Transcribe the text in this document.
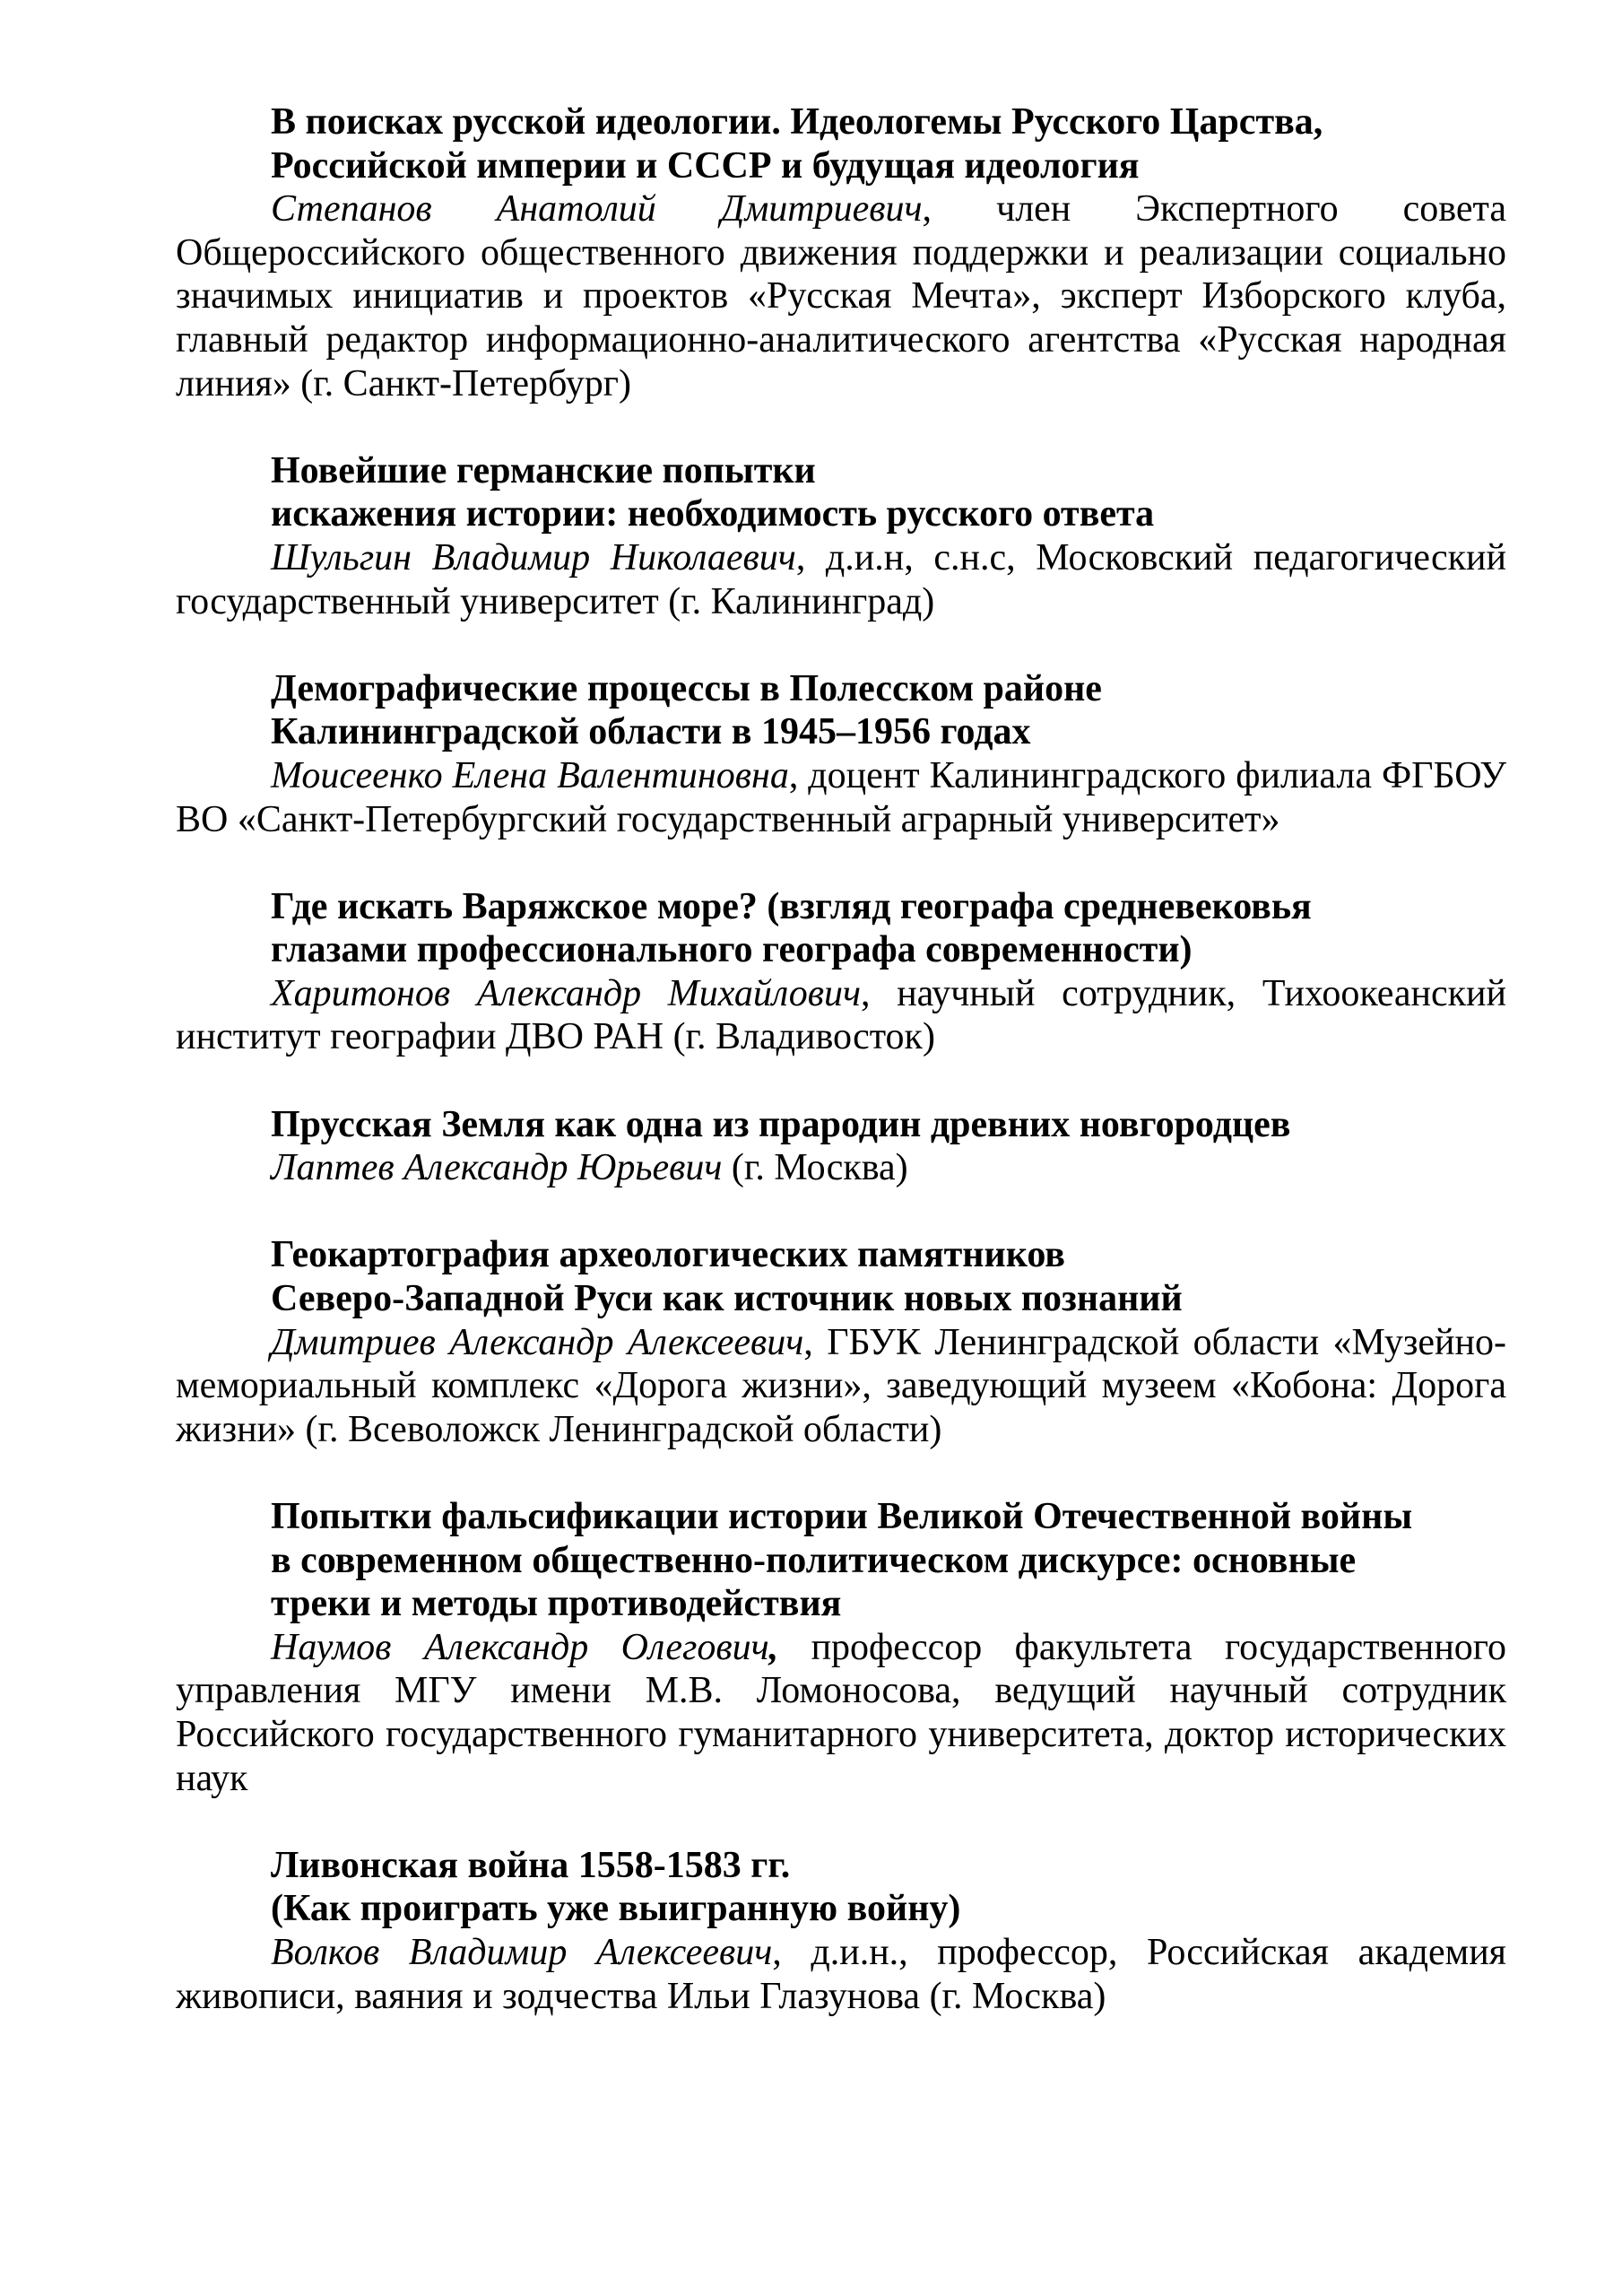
В поисках русской идеологии. Идеологемы Русского Царства,
Российской империи и СССР и будущая идеология

Степанов Анатолий Дмитриевич, член Экспертного совета Общероссийского общественного движения поддержки и реализации социально значимых инициатив и проектов «Русская Мечта», эксперт Изборского клуба, главный редактор информационно-аналитического агентства «Русская народная линия» (г. Санкт-Петербург)

Новейшие германские попытки
искажения истории: необходимость русского ответа

Шульгин Владимир Николаевич, д.и.н, с.н.с, Московский педагогический государственный университет (г. Калининград)

Демографические процессы в Полесском районе
Калининградской области в 1945–1956 годах

Моисеенко Елена Валентиновна, доцент Калининградского филиала ФГБОУ ВО «Санкт-Петербургский государственный аграрный университет»

Где искать Варяжское море? (взгляд географа средневековья
глазами профессионального географа современности)

Харитонов Александр Михайлович, научный сотрудник, Тихоокеанский институт географии ДВО РАН (г. Владивосток)

Прусская Земля как одна из прародин древних новгородцев

Лаптев Александр Юрьевич (г. Москва)

Геокартография археологических памятников
Северо-Западной Руси как источник новых познаний

Дмитриев Александр Алексеевич, ГБУК Ленинградской области «Музейно-мемориальный комплекс «Дорога жизни», заведующий музеем «Кобона: Дорога жизни» (г. Всеволожск Ленинградской области)

Попытки фальсификации истории Великой Отечественной войны
в современном общественно-политическом дискурсе: основные
треки и методы противодействия

Наумов Александр Олегович, профессор факультета государственного управления МГУ имени М.В. Ломоносова, ведущий научный сотрудник Российского государственного гуманитарного университета, доктор исторических наук

Ливонская война 1558-1583 гг.
(Как проиграть уже выигранную войну)

Волков Владимир Алексеевич, д.и.н., профессор, Российская академия живописи, ваяния и зодчества Ильи Глазунова (г. Москва)
